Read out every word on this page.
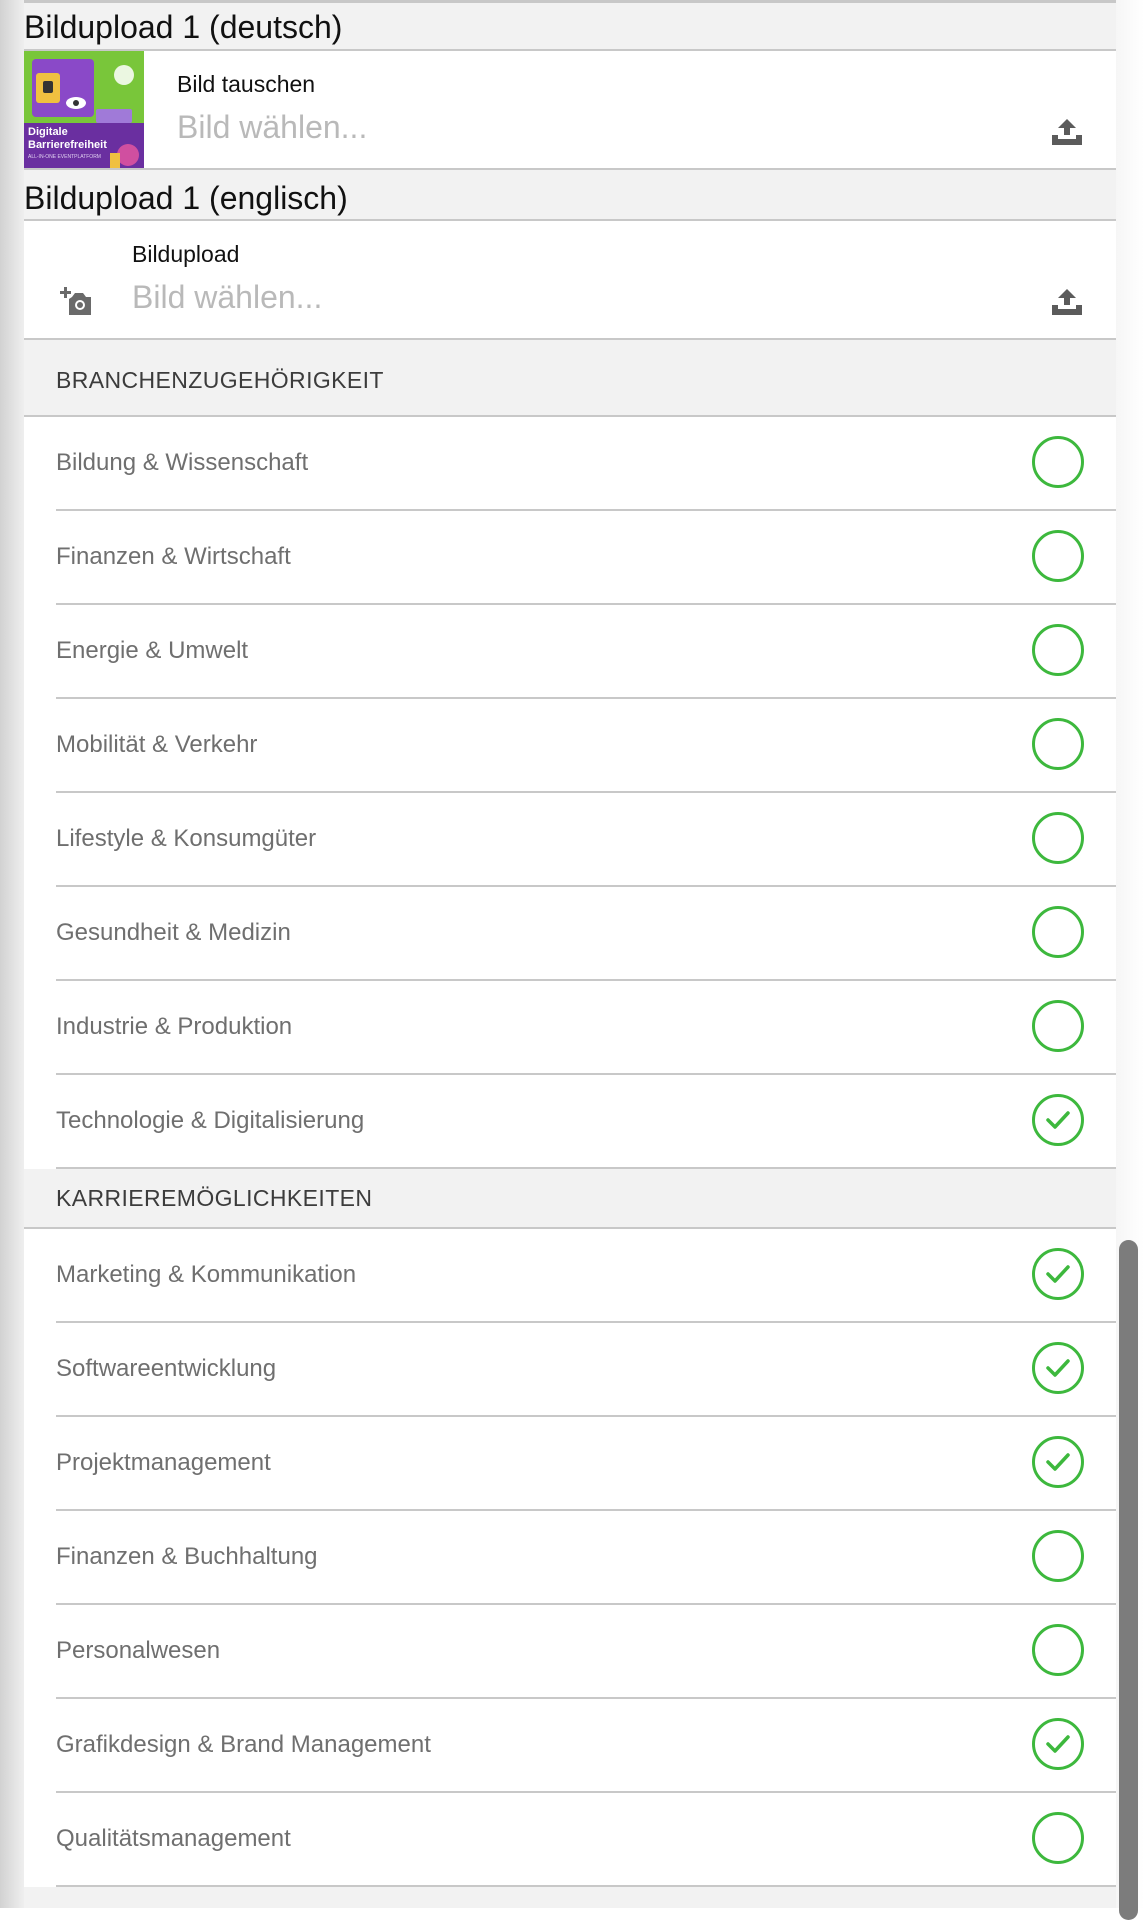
Bildupload 1 (deutsch)
Digitale
Barrierefreiheit
ALL-IN-ONE EVENTPLATFORM
Bild tauschen
Bild wählen...
Bildupload 1 (englisch)
Bildupload
Bild wählen...
BRANCHENZUGEHÖRIGKEIT
Bildung & Wissenschaft
Finanzen & Wirtschaft
Energie & Umwelt
Mobilität & Verkehr
Lifestyle & Konsumgüter
Gesundheit & Medizin
Industrie & Produktion
Technologie & Digitalisierung
KARRIEREMÖGLICHKEITEN
Marketing & Kommunikation
Softwareentwicklung
Projektmanagement
Finanzen & Buchhaltung
Personalwesen
Grafikdesign & Brand Management
Qualitätsmanagement
